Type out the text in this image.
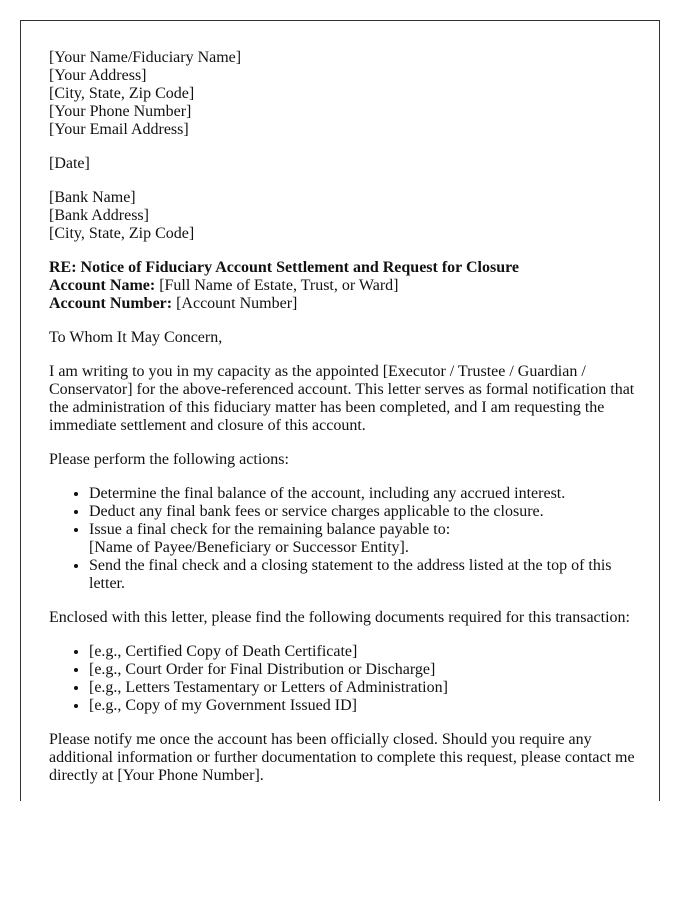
[Your Name/Fiduciary Name]
[Your Address]
[City, State, Zip Code]
[Your Phone Number]
[Your Email Address]
[Date]
[Bank Name]
[Bank Address]
[City, State, Zip Code]
RE: Notice of Fiduciary Account Settlement and Request for Closure
Account Name: [Full Name of Estate, Trust, or Ward]
Account Number: [Account Number]

To Whom It May Concern,

I am writing to you in my capacity as the appointed [Executor / Trustee / Guardian / Conservator] for the above-referenced account. This letter serves as formal notification that the administration of this fiduciary matter has been completed, and I am requesting the immediate settlement and closure of this account.

Please perform the following actions:

• Determine the final balance of the account, including any accrued interest.
• Deduct any final bank fees or service charges applicable to the closure.
• Issue a final check for the remaining balance payable to: [Name of Payee/Beneficiary or Successor Entity].
• Send the final check and a closing statement to the address listed at the top of this letter.

Enclosed with this letter, please find the following documents required for this transaction:

• [e.g., Certified Copy of Death Certificate]
• [e.g., Court Order for Final Distribution or Discharge]
• [e.g., Letters Testamentary or Letters of Administration]
• [e.g., Copy of my Government Issued ID]

Please notify me once the account has been officially closed. Should you require any additional information or further documentation to complete this request, please contact me directly at [Your Phone Number].
